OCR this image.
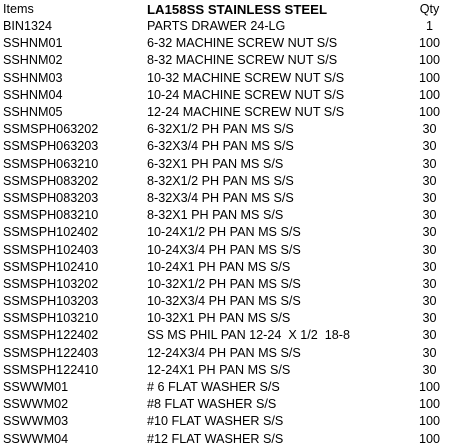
Items	LA158SS STAINLESS STEEL	Qty
BIN1324	PARTS DRAWER 24-LG	1
SSHNM01	6-32 MACHINE SCREW NUT S/S	100
SSHNM02	8-32 MACHINE SCREW NUT S/S	100
SSHNM03	10-32 MACHINE SCREW NUT S/S	100
SSHNM04	10-24 MACHINE SCREW NUT S/S	100
SSHNM05	12-24 MACHINE SCREW NUT S/S	100
SSMSPH063202	6-32X1/2 PH PAN MS S/S	30
SSMSPH063203	6-32X3/4 PH PAN MS S/S	30
SSMSPH063210	6-32X1 PH PAN MS S/S	30
SSMSPH083202	8-32X1/2 PH PAN MS S/S	30
SSMSPH083203	8-32X3/4 PH PAN MS S/S	30
SSMSPH083210	8-32X1 PH PAN MS S/S	30
SSMSPH102402	10-24X1/2 PH PAN MS S/S	30
SSMSPH102403	10-24X3/4 PH PAN MS S/S	30
SSMSPH102410	10-24X1 PH PAN MS S/S	30
SSMSPH103202	10-32X1/2 PH PAN MS S/S	30
SSMSPH103203	10-32X3/4 PH PAN MS S/S	30
SSMSPH103210	10-32X1 PH PAN MS S/S	30
SSMSPH122402	SS MS PHIL PAN 12-24  X 1/2  18-8	30
SSMSPH122403	12-24X3/4 PH PAN MS S/S	30
SSMSPH122410	12-24X1 PH PAN MS S/S	30
SSWWM01	# 6 FLAT WASHER S/S	100
SSWWM02	#8 FLAT WASHER S/S	100
SSWWM03	#10 FLAT WASHER S/S	100
SSWWM04	#12 FLAT WASHER S/S	100
